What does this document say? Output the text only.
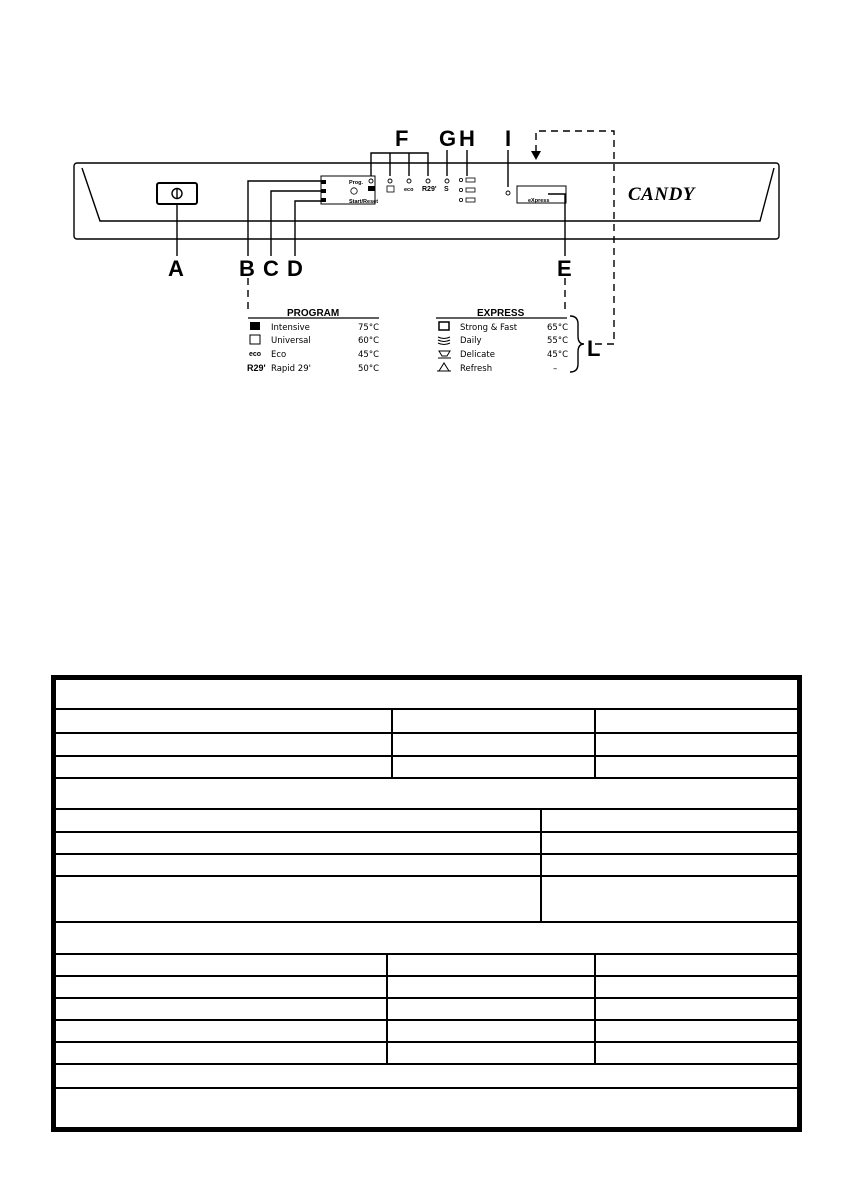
Prog.
Start/Reset
eco R29' S
eXpress	CANDY
A	B C D	E
F G H I
L
PROGRAM
Intensive	75°C
Universal	60°C
eco Eco	45°C
R29' Rapid 29'	50°C
EXPRESS
Strong & Fast	65°C
Daily	55°C
Delicate	45°C
Refresh	–
